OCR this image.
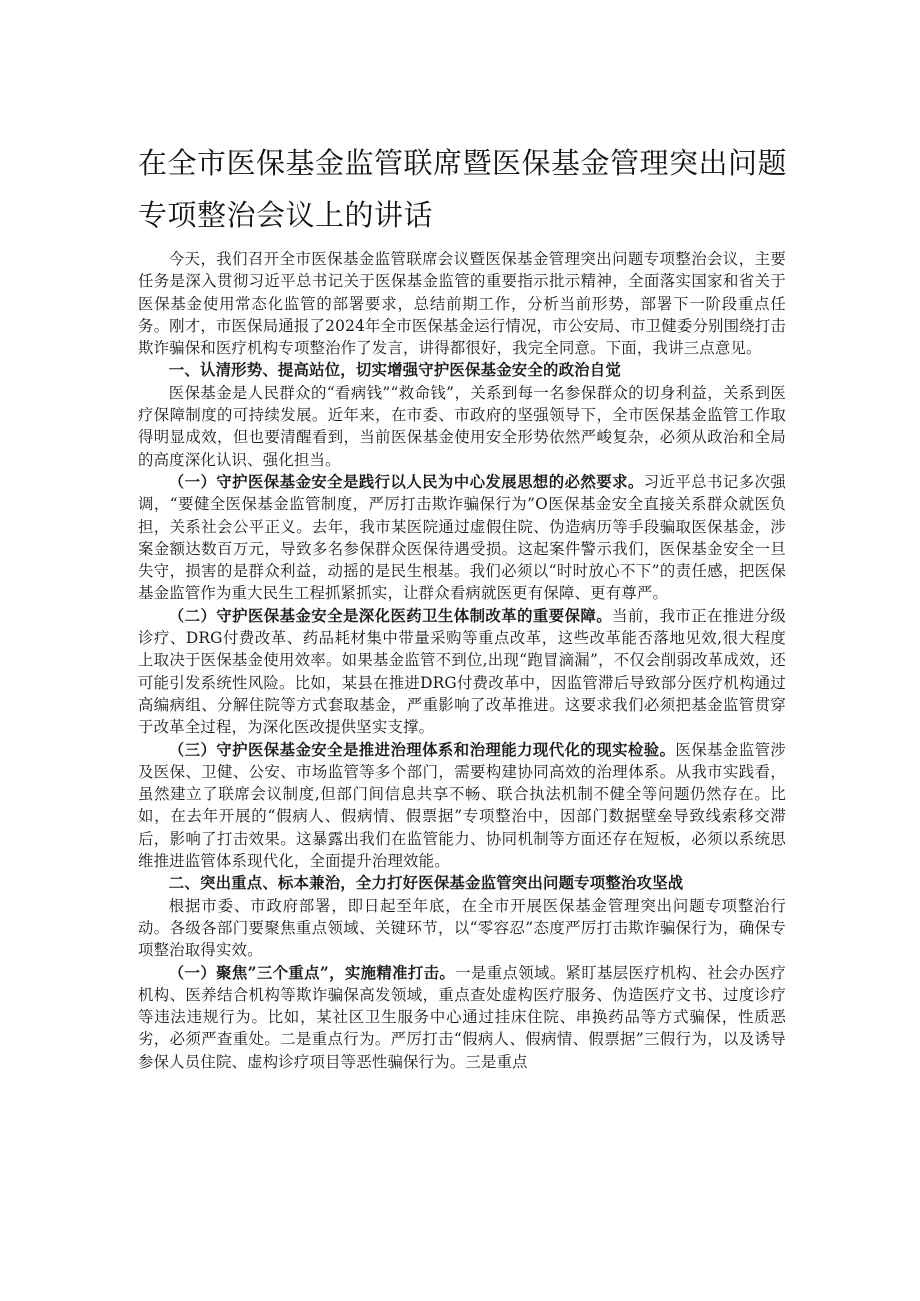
在全市医保基金监管联席暨医保基金管理突出问题
专项整治会议上的讲话

今天，我们召开全市医保基金监管联席会议暨医保基金管理突出问题专项整治会议，主要任务是深入贯彻习近平总书记关于医保基金监管的重要指示批示精神，全面落实国家和省关于医保基金使用常态化监管的部署要求，总结前期工作，分析当前形势，部署下一阶段重点任务。刚才，市医保局通报了2024年全市医保基金运行情况，市公安局、市卫健委分别围绕打击欺诈骗保和医疗机构专项整治作了发言，讲得都很好，我完全同意。下面，我讲三点意见。

一、认清形势、提高站位，切实增强守护医保基金安全的政治自觉

医保基金是人民群众的“看病钱”“救命钱”，关系到每一名参保群众的切身利益，关系到医疗保障制度的可持续发展。近年来，在市委、市政府的坚强领导下，全市医保基金监管工作取得明显成效，但也要清醒看到，当前医保基金使用安全形势依然严峻复杂，必须从政治和全局的高度深化认识、强化担当。

（一）守护医保基金安全是践行以人民为中心发展思想的必然要求。习近平总书记多次强调，“要健全医保基金监管制度，严厉打击欺诈骗保行为”O医保基金安全直接关系群众就医负担，关系社会公平正义。去年，我市某医院通过虚假住院、伪造病历等手段骗取医保基金，涉案金额达数百万元，导致多名参保群众医保待遇受损。这起案件警示我们，医保基金安全一旦失守，损害的是群众利益，动摇的是民生根基。我们必须以“时时放心不下”的责任感，把医保基金监管作为重大民生工程抓紧抓实，让群众看病就医更有保障、更有尊严。

（二）守护医保基金安全是深化医药卫生体制改革的重要保障。当前，我市正在推进分级诊疗、DRG付费改革、药品耗材集中带量采购等重点改革，这些改革能否落地见效,很大程度上取决于医保基金使用效率。如果基金监管不到位,出现“跑冒滴漏”，不仅会削弱改革成效，还可能引发系统性风险。比如，某县在推进DRG付费改革中，因监管滞后导致部分医疗机构通过高编病组、分解住院等方式套取基金，严重影响了改革推进。这要求我们必须把基金监管贯穿于改革全过程，为深化医改提供坚实支撑。

（三）守护医保基金安全是推进治理体系和治理能力现代化的现实检验。医保基金监管涉及医保、卫健、公安、市场监管等多个部门，需要构建协同高效的治理体系。从我市实践看，虽然建立了联席会议制度,但部门间信息共享不畅、联合执法机制不健全等问题仍然存在。比如，在去年开展的“假病人、假病情、假票据”专项整治中，因部门数据壁垒导致线索移交滞后，影响了打击效果。这暴露出我们在监管能力、协同机制等方面还存在短板，必须以系统思维推进监管体系现代化，全面提升治理效能。

二、突出重点、标本兼治，全力打好医保基金监管突出问题专项整治攻坚战

根据市委、市政府部署，即日起至年底，在全市开展医保基金管理突出问题专项整治行动。各级各部门要聚焦重点领域、关键环节，以“零容忍”态度严厉打击欺诈骗保行为，确保专项整治取得实效。

（一）聚焦”三个重点”，实施精准打击。一是重点领域。紧盯基层医疗机构、社会办医疗机构、医养结合机构等欺诈骗保高发领域，重点查处虚构医疗服务、伪造医疗文书、过度诊疗等违法违规行为。比如，某社区卫生服务中心通过挂床住院、串换药品等方式骗保，性质恶劣，必须严查重处。二是重点行为。严厉打击“假病人、假病情、假票据”三假行为，以及诱导参保人员住院、虚构诊疗项目等恶性骗保行为。三是重点
